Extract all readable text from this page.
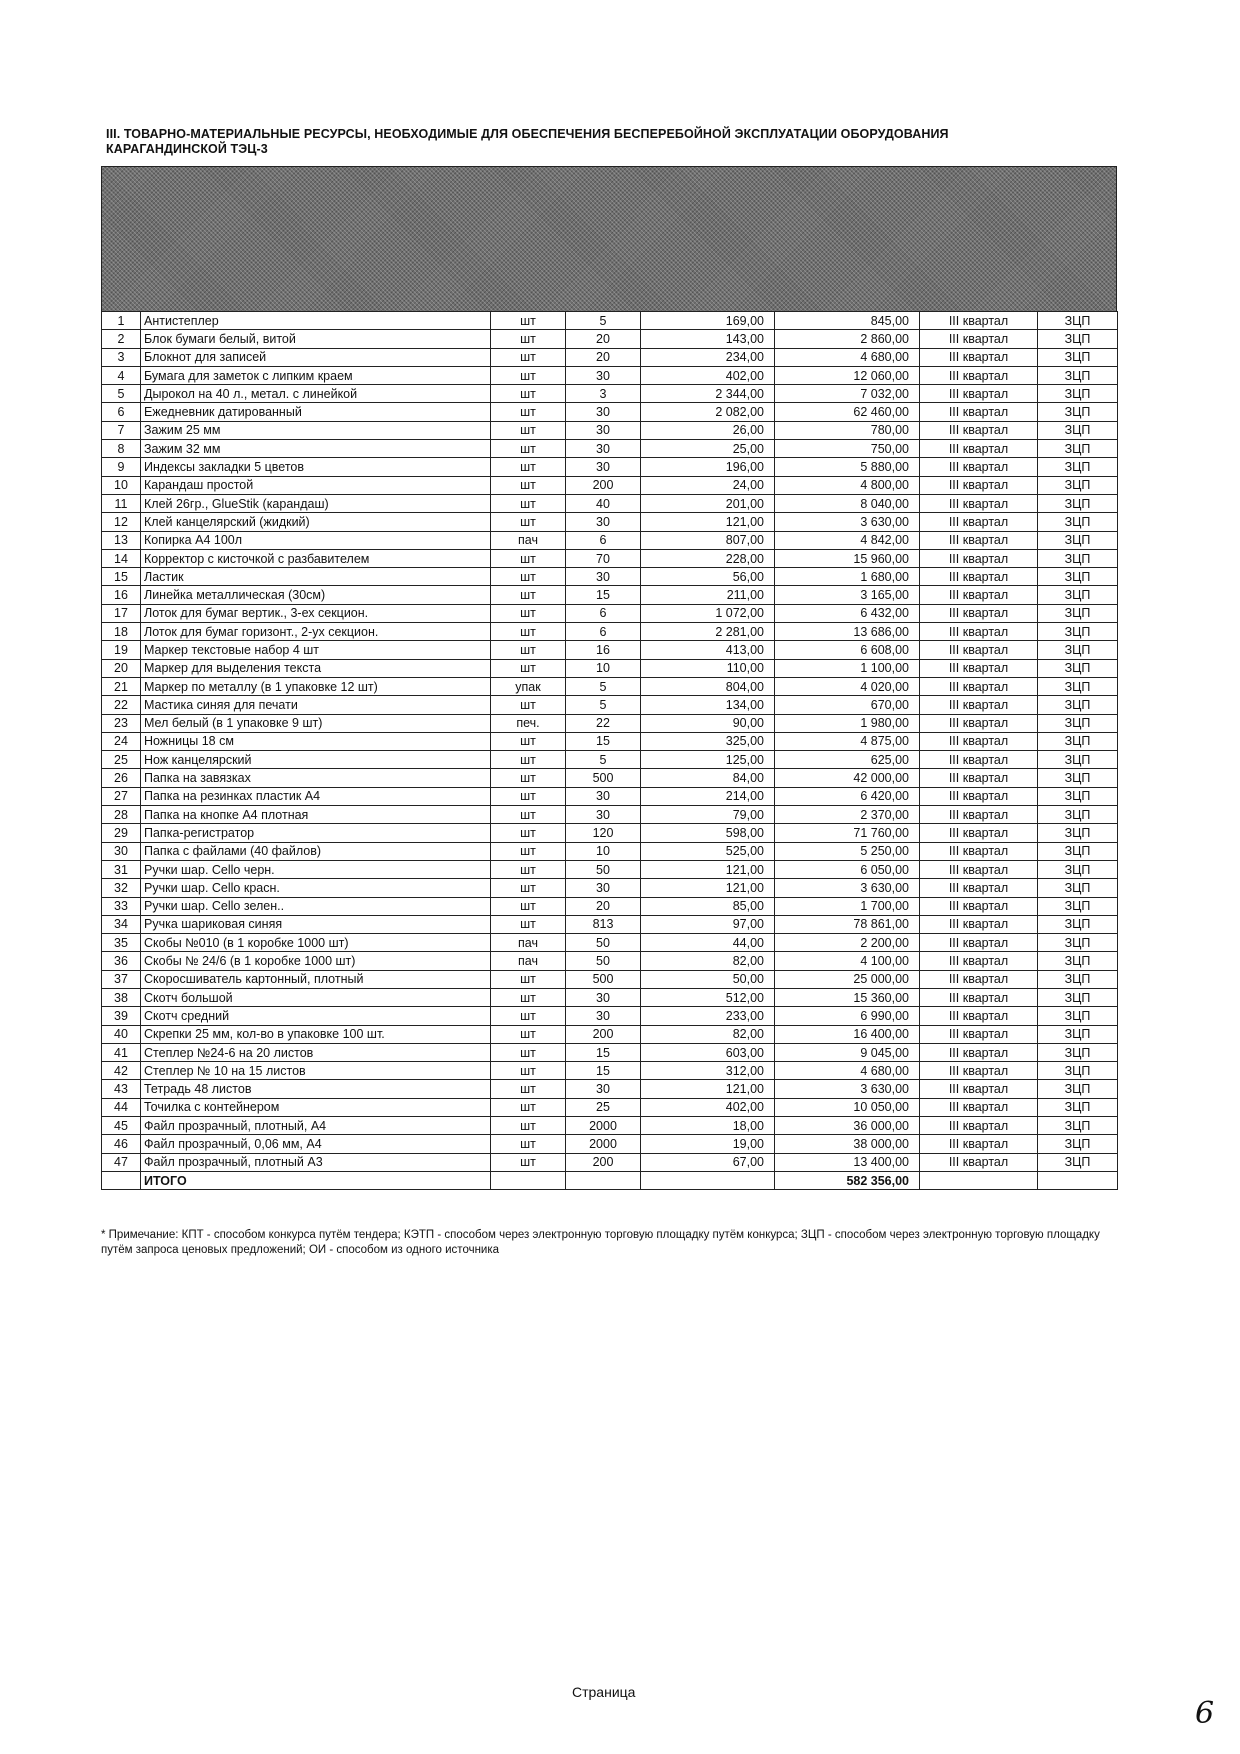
III. ТОВАРНО-МАТЕРИАЛЬНЫЕ РЕСУРСЫ, НЕОБХОДИМЫЕ ДЛЯ ОБЕСПЕЧЕНИЯ БЕСПЕРЕБОЙНОЙ ЭКСПЛУАТАЦИИ ОБОРУДОВАНИЯ КАРАГАНДИНСКОЙ ТЭЦ-3
1	Антистеплер	шт	5	169,00	845,00	III квартал	ЗЦП
2	Блок бумаги белый, витой	шт	20	143,00	2 860,00	III квартал	ЗЦП
3	Блокнот для записей	шт	20	234,00	4 680,00	III квартал	ЗЦП
4	Бумага для заметок с липким краем	шт	30	402,00	12 060,00	III квартал	ЗЦП
5	Дырокол на 40 л., метал. с линейкой	шт	3	2 344,00	7 032,00	III квартал	ЗЦП
6	Ежедневник датированный	шт	30	2 082,00	62 460,00	III квартал	ЗЦП
7	Зажим 25 мм	шт	30	26,00	780,00	III квартал	ЗЦП
8	Зажим 32 мм	шт	30	25,00	750,00	III квартал	ЗЦП
9	Индексы закладки 5 цветов	шт	30	196,00	5 880,00	III квартал	ЗЦП
10	Карандаш простой	шт	200	24,00	4 800,00	III квартал	ЗЦП
11	Клей 26гр., GlueStik (карандаш)	шт	40	201,00	8 040,00	III квартал	ЗЦП
12	Клей канцелярский (жидкий)	шт	30	121,00	3 630,00	III квартал	ЗЦП
13	Копирка А4 100л	пач	6	807,00	4 842,00	III квартал	ЗЦП
14	Корректор с кисточкой с разбавителем	шт	70	228,00	15 960,00	III квартал	ЗЦП
15	Ластик	шт	30	56,00	1 680,00	III квартал	ЗЦП
16	Линейка металлическая (30см)	шт	15	211,00	3 165,00	III квартал	ЗЦП
17	Лоток для бумаг вертик., 3-ех секцион.	шт	6	1 072,00	6 432,00	III квартал	ЗЦП
18	Лоток для бумаг горизонт., 2-ух секцион.	шт	6	2 281,00	13 686,00	III квартал	ЗЦП
19	Маркер текстовые набор 4 шт	шт	16	413,00	6 608,00	III квартал	ЗЦП
20	Маркер для выделения текста	шт	10	110,00	1 100,00	III квартал	ЗЦП
21	Маркер по металлу (в 1 упаковке 12 шт)	упак	5	804,00	4 020,00	III квартал	ЗЦП
22	Мастика синяя для печати	шт	5	134,00	670,00	III квартал	ЗЦП
23	Мел белый (в 1 упаковке 9 шт)	печ.	22	90,00	1 980,00	III квартал	ЗЦП
24	Ножницы 18 см	шт	15	325,00	4 875,00	III квартал	ЗЦП
25	Нож канцелярский	шт	5	125,00	625,00	III квартал	ЗЦП
26	Папка на завязках	шт	500	84,00	42 000,00	III квартал	ЗЦП
27	Папка на резинках пластик А4	шт	30	214,00	6 420,00	III квартал	ЗЦП
28	Папка на кнопке А4 плотная	шт	30	79,00	2 370,00	III квартал	ЗЦП
29	Папка-регистратор	шт	120	598,00	71 760,00	III квартал	ЗЦП
30	Папка с файлами (40 файлов)	шт	10	525,00	5 250,00	III квартал	ЗЦП
31	Ручки шар. Cello черн.	шт	50	121,00	6 050,00	III квартал	ЗЦП
32	Ручки шар. Cello красн.	шт	30	121,00	3 630,00	III квартал	ЗЦП
33	Ручки шар. Cello зелен..	шт	20	85,00	1 700,00	III квартал	ЗЦП
34	Ручка шариковая синяя	шт	813	97,00	78 861,00	III квартал	ЗЦП
35	Скобы №010 (в 1 коробке 1000 шт)	пач	50	44,00	2 200,00	III квартал	ЗЦП
36	Скобы № 24/6 (в 1 коробке 1000 шт)	пач	50	82,00	4 100,00	III квартал	ЗЦП
37	Скоросшиватель картонный, плотный	шт	500	50,00	25 000,00	III квартал	ЗЦП
38	Скотч большой	шт	30	512,00	15 360,00	III квартал	ЗЦП
39	Скотч средний	шт	30	233,00	6 990,00	III квартал	ЗЦП
40	Скрепки 25 мм, кол-во в упаковке 100 шт.	шт	200	82,00	16 400,00	III квартал	ЗЦП
41	Степлер №24-6 на 20 листов	шт	15	603,00	9 045,00	III квартал	ЗЦП
42	Степлер № 10 на 15 листов	шт	15	312,00	4 680,00	III квартал	ЗЦП
43	Тетрадь 48 листов	шт	30	121,00	3 630,00	III квартал	ЗЦП
44	Точилка с контейнером	шт	25	402,00	10 050,00	III квартал	ЗЦП
45	Файл прозрачный, плотный, А4	шт	2000	18,00	36 000,00	III квартал	ЗЦП
46	Файл прозрачный, 0,06 мм, А4	шт	2000	19,00	38 000,00	III квартал	ЗЦП
47	Файл прозрачный, плотный А3	шт	200	67,00	13 400,00	III квартал	ЗЦП
	ИТОГО				582 356,00		
* Примечание: КПТ - способом конкурса путём тендера; КЭТП - способом через электронную торговую площадку путём конкурса; ЗЦП - способом через электронную торговую площадку путём запроса ценовых предложений; ОИ - способом из одного источника
Страница
6
